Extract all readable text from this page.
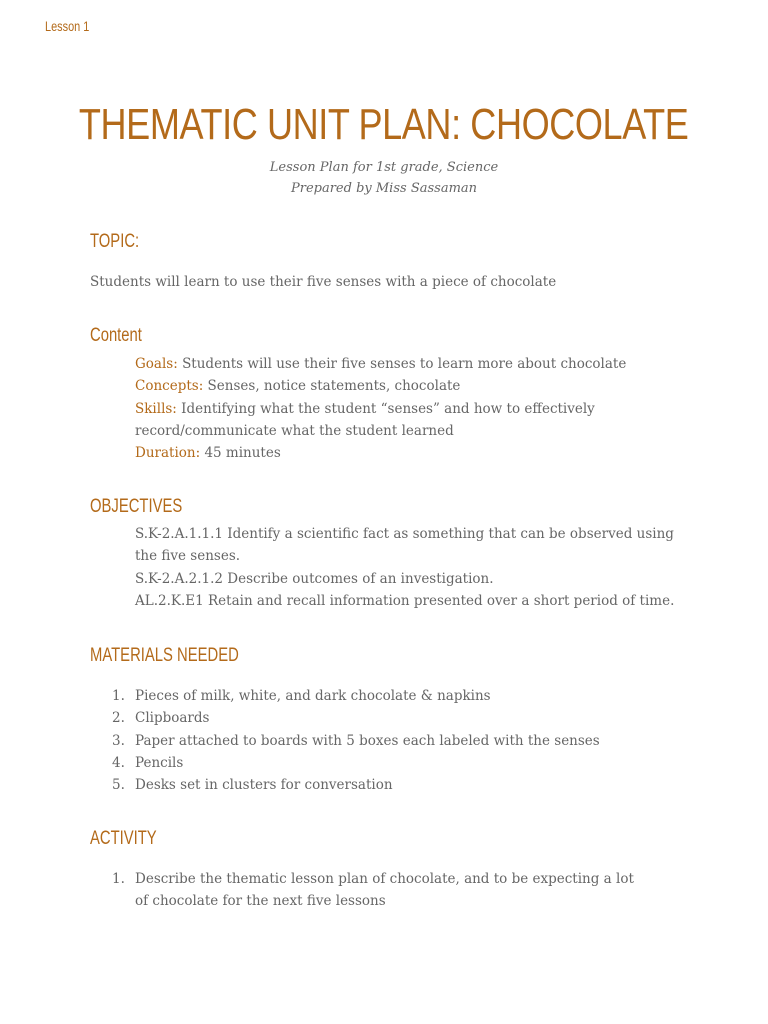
Lesson 1
THEMATIC UNIT PLAN: CHOCOLATE
Lesson Plan for 1st grade, Science
Prepared by Miss Sassaman
TOPIC:
Students will learn to use their five senses with a piece of chocolate
Content

Goals: Students will use their five senses to learn more about chocolate

Concepts: Senses, notice statements, chocolate

Skills: Identifying what the student “senses” and how to effectively record/communicate what the student learned

Duration: 45 minutes

OBJECTIVES

S.K-2.A.1.1.1 Identify a scientific fact as something that can be observed using the five senses.

S.K-2.A.2.1.2 Describe outcomes of an investigation.

AL.2.K.E1 Retain and recall information presented over a short period of time.

MATERIALS NEEDED
1. Pieces of milk, white, and dark chocolate & napkins
2. Clipboards
3. Paper attached to boards with 5 boxes each labeled with the senses
4. Pencils
5. Desks set in clusters for conversation
ACTIVITY
1. Describe the thematic lesson plan of chocolate, and to be expecting a lot of chocolate for the next five lessons
